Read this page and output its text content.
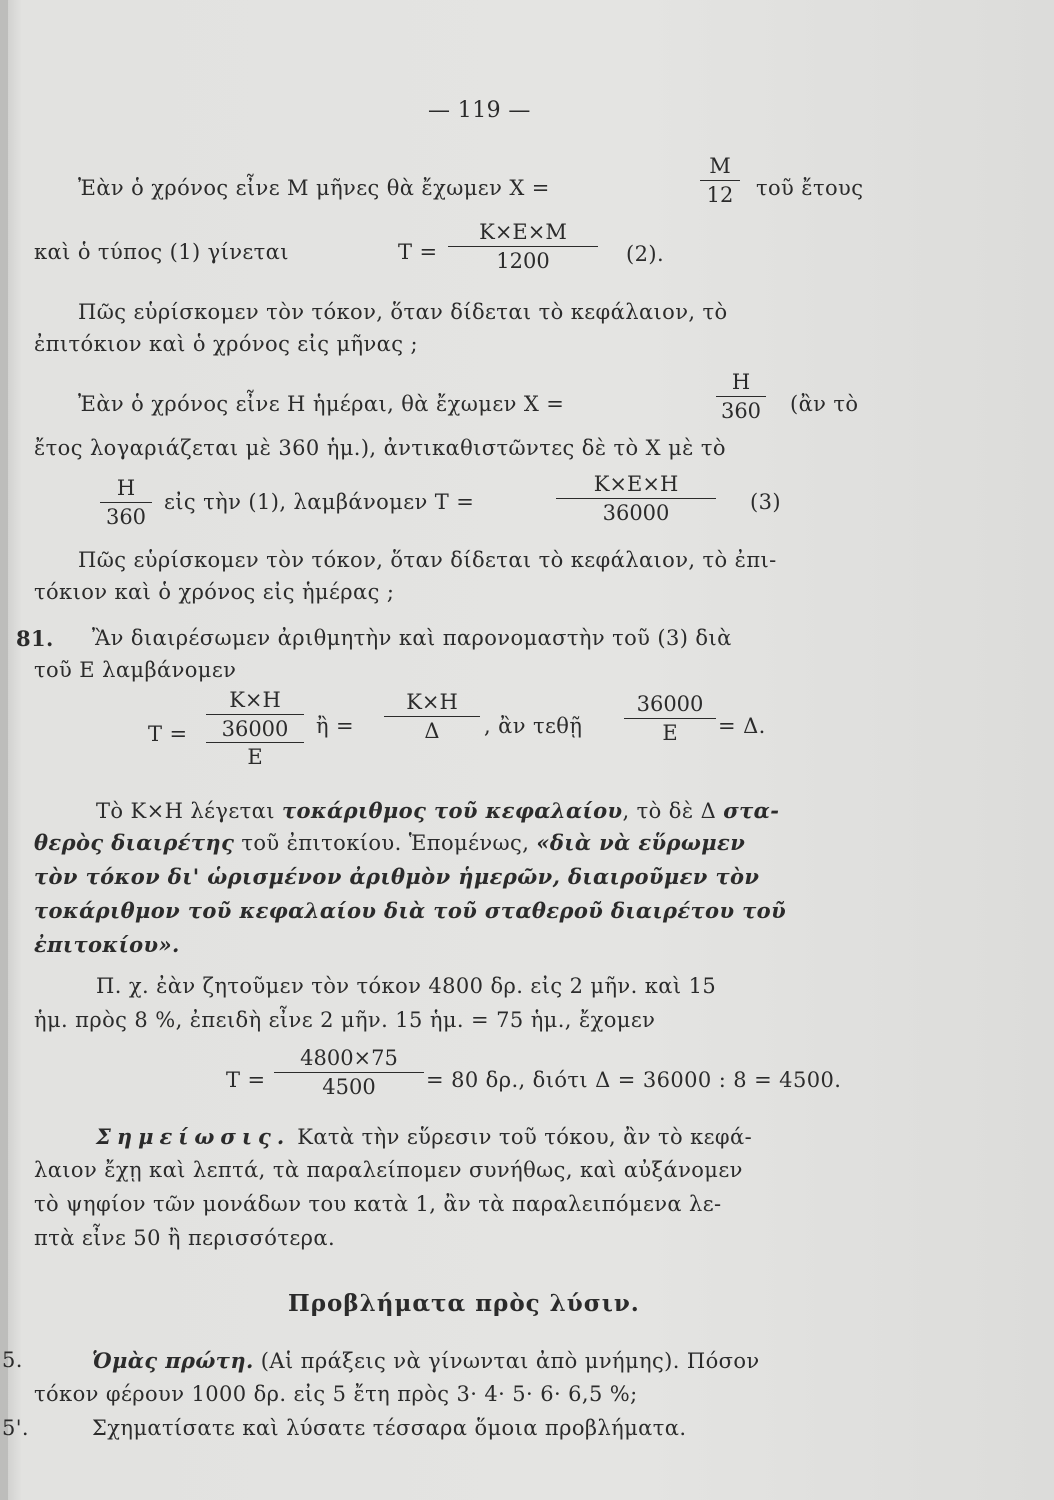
— 119 —
Ἐὰν ὁ χρόνος εἶνε Μ μῆνες θὰ ἔχωμεν Χ =	$\frac{M}{12}$ τοῦ ἔτους
καὶ ὁ τύπος (1) γίνεται	$T = \frac{K\times E\times M}{1200} (2)$.
Πῶς εὑρίσκομεν τὸν τόκον, ὅταν δίδεται τὸ κεφάλαιον, τὸ
ἐπιτόκιον καὶ ὁ χρόνος εἰς μῆνας ;
Ἐὰν ὁ χρόνος εἶνε Η ἡμέραι, θὰ ἔχωμεν Χ =	$\frac{H}{360}$ (ἂν τὸ
ἔτος λογαριάζεται μὲ 360 ἡμ.), ἀντικαθιστῶντες δὲ τὸ Χ μὲ τὸ
$\frac{H}{360}$ εἰς τὴν (1), λαμβάνομεν Τ =	$\frac{K\times E\times H}{36000} (3)$
Πῶς εὑρίσκομεν τὸν τόκον, ὅταν δίδεται τὸ κεφάλαιον, τὸ ἐπι-
τόκιον καὶ ὁ χρόνος εἰς ἡμέρας ;
81. Ἂν διαιρέσωμεν ἀριθμητὴν καὶ παρονομαστὴν τοῦ (3) διὰ
τοῦ Ε λαμβάνομεν
Τ =
Κ×Η
36000
Ε
ἢ = $\frac{K\times H}{\Delta}$ , ἂν τεθῇ $\frac{36000}{E} = \Delta$.
Τὸ Κ×Η λέγεται τοκάριθμος τοῦ κεφαλαίου, τὸ δὲ Δ στα-
θερὸς διαιρέτης τοῦ ἐπιτοκίου. Ἑπομένως, «διὰ νὰ εὕρωμεν
τὸν τόκον δι' ὡρισμένον ἀριθμὸν ἡμερῶν, διαιροῦμεν τὸν
τοκάριθμον τοῦ κεφαλαίου διὰ τοῦ σταθεροῦ διαιρέτου τοῦ
ἐπιτοκίου».
Π. χ. ἐὰν ζητοῦμεν τὸν τόκον 4800 δρ. εἰς 2 μῆν. καὶ 15
ἡμ. πρὸς 8 %, ἐπειδὴ εἶνε 2 μῆν. 15 ἡμ. = 75 ἡμ., ἔχομεν
$T = \frac{4800\times 75}{4500} = 80$ δρ., διότι Δ = 36000 : 8 = 4500.
Σημείωσις. Κατὰ τὴν εὕρεσιν τοῦ τόκου, ἂν τὸ κεφά-
λαιον ἔχῃ καὶ λεπτά, τὰ παραλείπομεν συνήθως, καὶ αὐξάνομεν
τὸ ψηφίον τῶν μονάδων του κατὰ 1, ἂν τὰ παραλειπόμενα λε-
πτὰ εἶνε 50 ἢ περισσότερα.
Προβλήματα πρὸς λύσιν.
5.	Ὁμὰς πρώτη. (Αἱ πράξεις νὰ γίνωνται ἀπὸ μνήμης). Πόσον
τόκον φέρουν 1000 δρ. εἰς 5 ἔτη πρὸς 3· 4· 5· 6· 6,5 %;
5'.	Σχηματίσατε καὶ λύσατε τέσσαρα ὅμοια προβλήματα.
